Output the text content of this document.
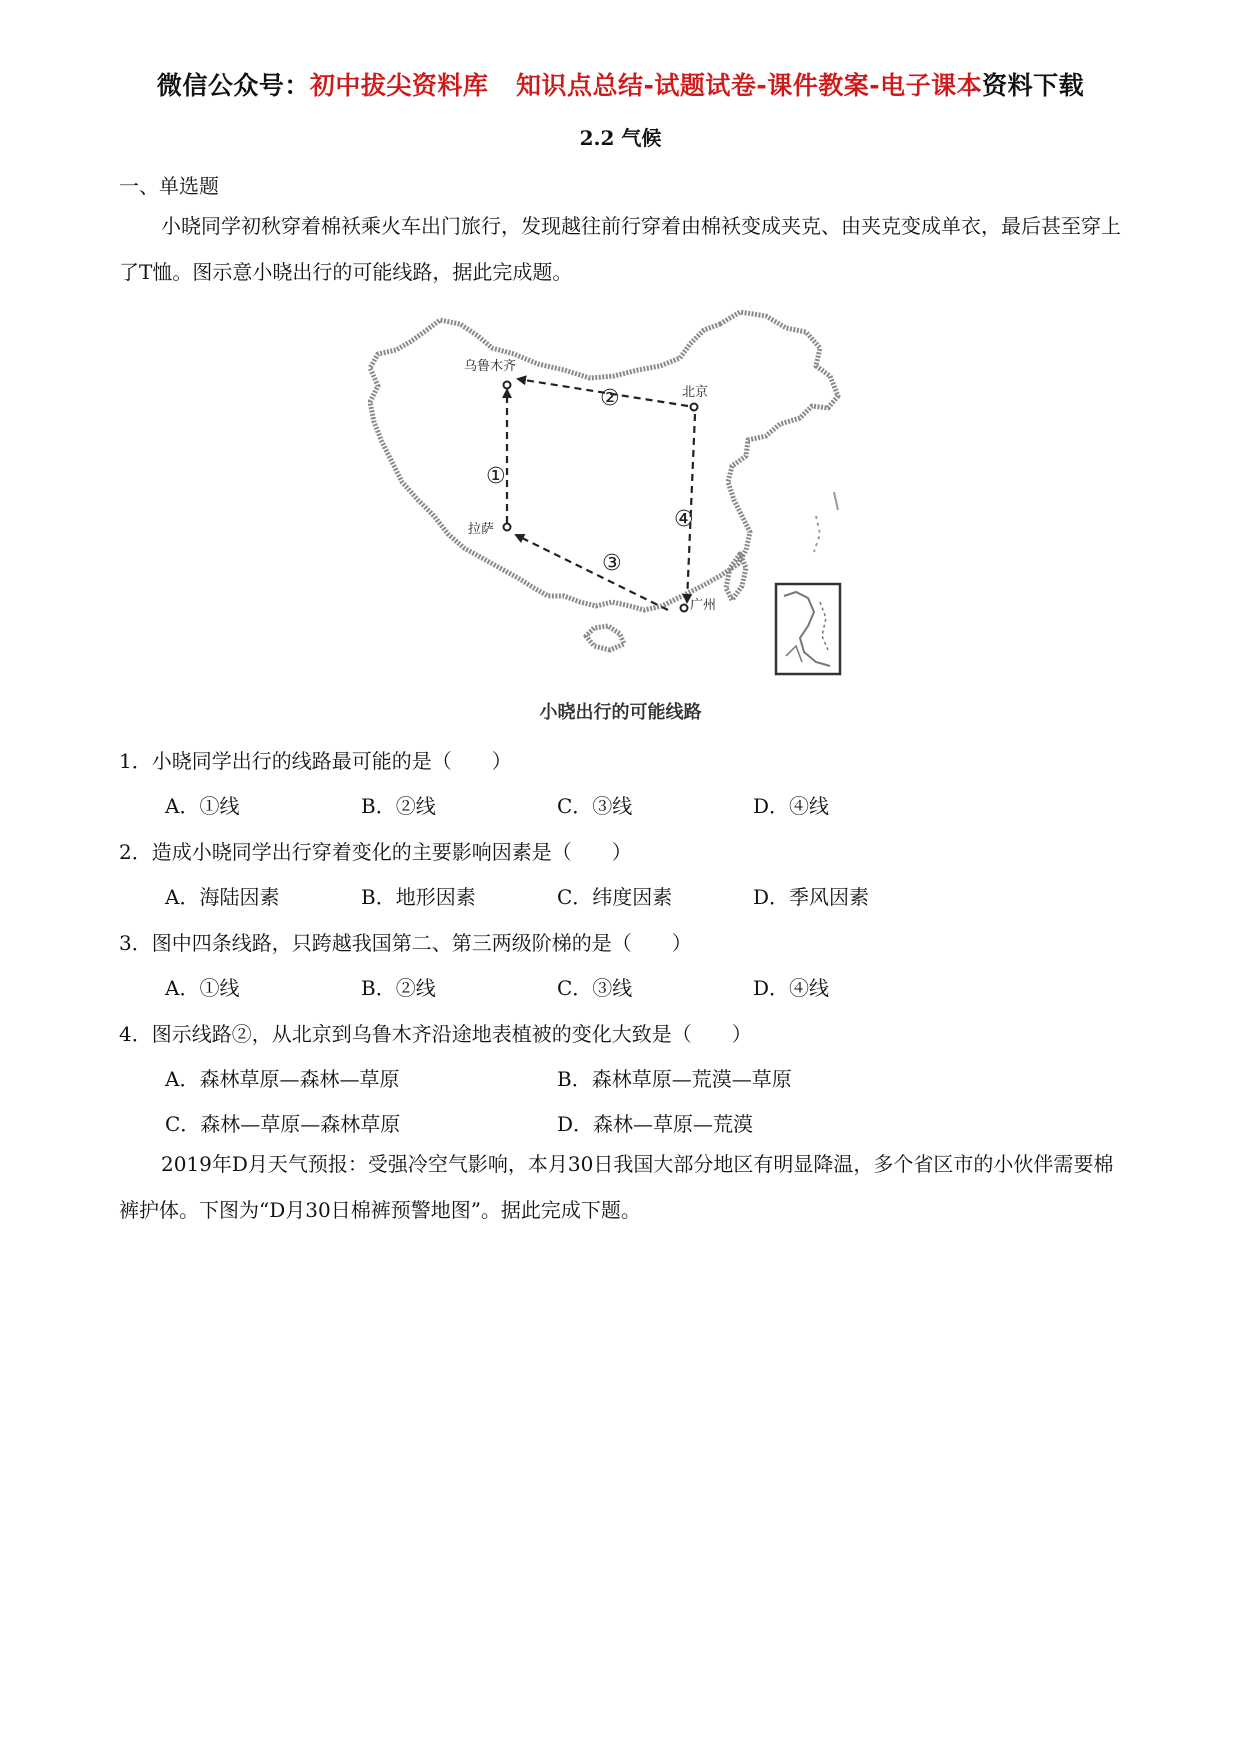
微信公众号：初中拔尖资料库   知识点总结-试题试卷-课件教案-电子课本资料下载
2.2 气候
一、单选题
小晓同学初秋穿着棉袄乘火车出门旅行，发现越往前行穿着由棉袄变成夹克、由夹克变成单衣，最后甚至穿上了T恤。图示意小晓出行的可能线路，据此完成题。
乌鲁木齐
北京
拉萨
广州
①
②
③
④
小晓出行的可能线路
1．小晓同学出行的线路最可能的是（　　）
A．①线	B．②线	C．③线	D．④线
2．造成小晓同学出行穿着变化的主要影响因素是（　　）
A．海陆因素	B．地形因素	C．纬度因素	D．季风因素
3．图中四条线路，只跨越我国第二、第三两级阶梯的是（　　）
A．①线	B．②线	C．③线	D．④线
4．图示线路②，从北京到乌鲁木齐沿途地表植被的变化大致是（　　）
A．森林草原—森林—草原	B．森林草原—荒漠—草原
C．森林—草原—森林草原	D．森林—草原—荒漠
2019年D月天气预报：受强冷空气影响，本月30日我国大部分地区有明显降温，多个省区市的小伙伴需要棉裤护体。下图为“D月30日棉裤预警地图”。据此完成下题。
